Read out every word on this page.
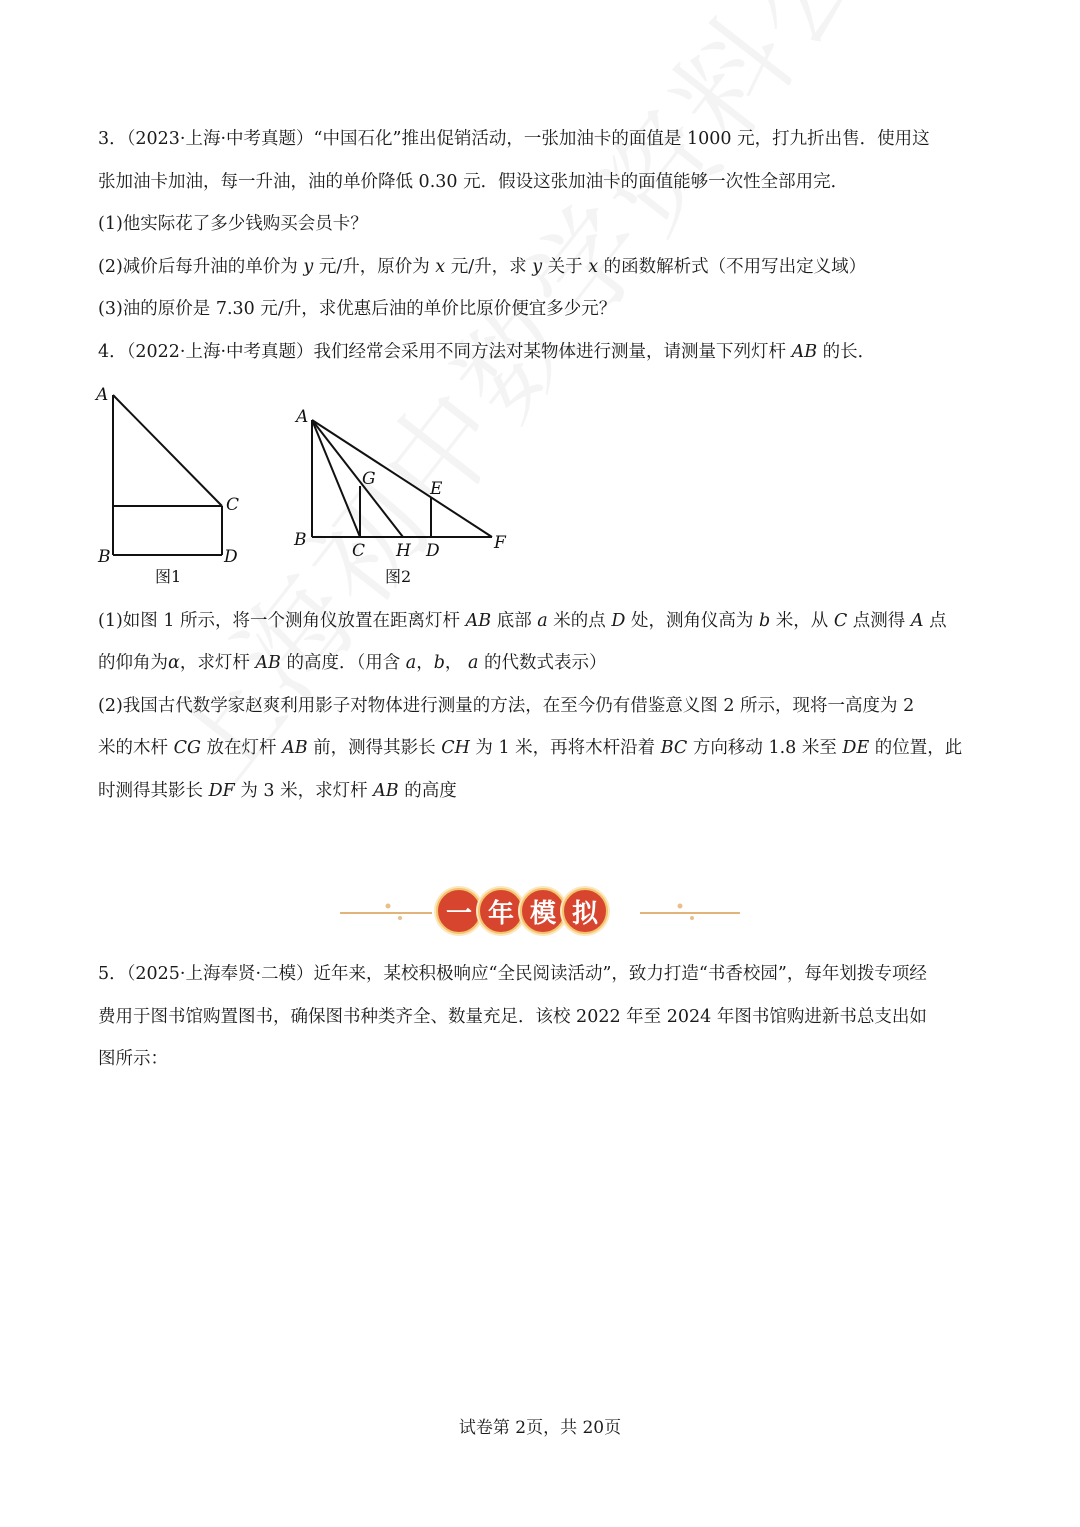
3．（2023·上海·中考真题）“中国石化”推出促销活动，一张加油卡的面值是 1000 元，打九折出售．使用这
张加油卡加油，每一升油，油的单价降低 0.30 元．假设这张加油卡的面值能够一次性全部用完．
(1)他实际花了多少钱购买会员卡？
(2)减价后每升油的单价为 y 元/升，原价为 x 元/升，求 y 关于 x 的函数解析式（不用写出定义域）
(3)油的原价是 7.30 元/升，求优惠后油的单价比原价便宜多少元？
4．（2022·上海·中考真题）我们经常会采用不同方法对某物体进行测量，请测量下列灯杆 AB 的长．
A
B
C
D
图1
A
B
C H D	F
G	E
图2
(1)如图 1 所示，将一个测角仪放置在距离灯杆 AB 底部 a 米的点 D 处，测角仪高为 b 米，从 C 点测得 A 点
的仰角为α，求灯杆 AB 的高度．（用含 a，b， a 的代数式表示）
(2)我国古代数学家赵爽利用影子对物体进行测量的方法，在至今仍有借鉴意义图 2 所示，现将一高度为 2
米的木杆 CG 放在灯杆 AB 前，测得其影长 CH 为 1 米，再将木杆沿着 BC 方向移动 1.8 米至 DE 的位置，此
时测得其影长 DF 为 3 米，求灯杆 AB 的高度
一 年 模 拟
5．（2025·上海奉贤·二模）近年来，某校积极响应“全民阅读活动”，致力打造“书香校园”，每年划拨专项经
费用于图书馆购置图书，确保图书种类齐全、数量充足．该校 2022 年至 2024 年图书馆购进新书总支出如
图所示：
试卷第 2页，共 20页
